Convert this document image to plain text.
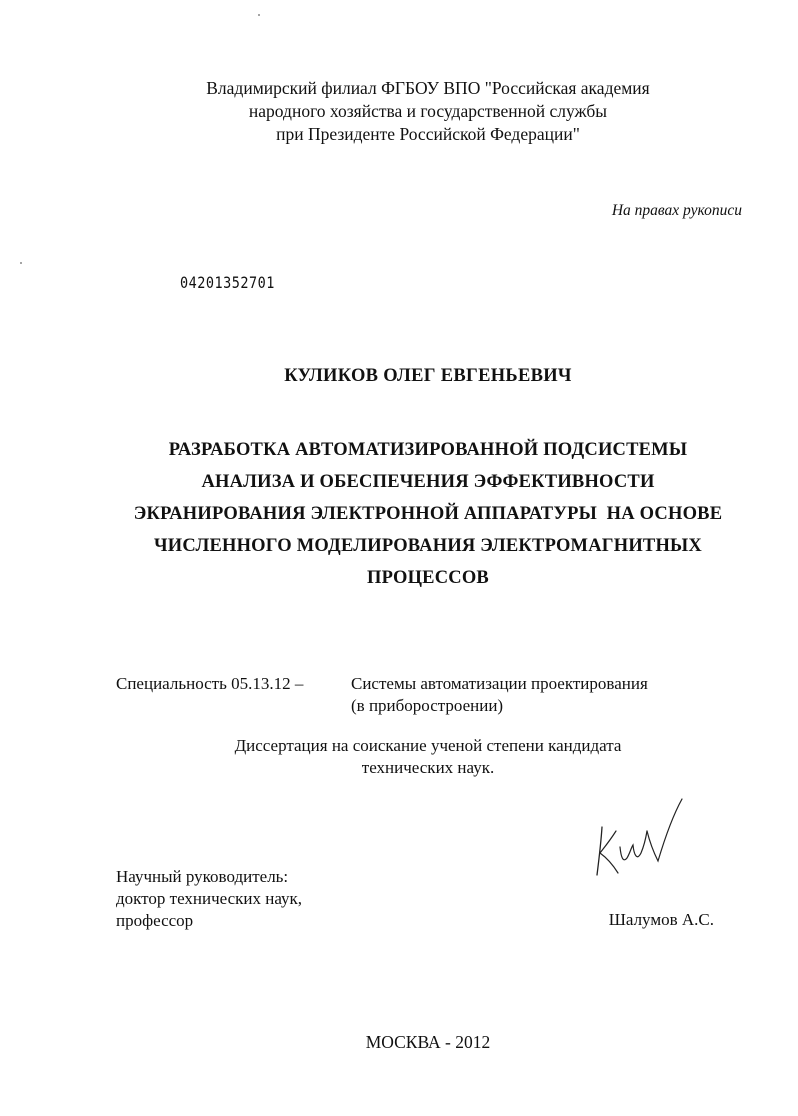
Владимирский филиал ФГБОУ ВПО "Российская академия
народного хозяйства и государственной службы
при Президенте Российской Федерации"
На правах рукописи
04201352701
КУЛИКОВ ОЛЕГ ЕВГЕНЬЕВИЧ
РАЗРАБОТКА АВТОМАТИЗИРОВАННОЙ ПОДСИСТЕМЫ
АНАЛИЗА И ОБЕСПЕЧЕНИЯ ЭФФЕКТИВНОСТИ
ЭКРАНИРОВАНИЯ ЭЛЕКТРОННОЙ АППАРАТУРЫ  НА ОСНОВЕ
ЧИСЛЕННОГО МОДЕЛИРОВАНИЯ ЭЛЕКТРОМАГНИТНЫХ
ПРОЦЕССОВ
Специальность 05.13.12 –	Системы автоматизации проектирования
(в приборостроении)
Диссертация на соискание ученой степени кандидата
технических наук.
Научный руководитель:
доктор технических наук,
профессор	Шалумов А.С.
МОСКВА - 2012
